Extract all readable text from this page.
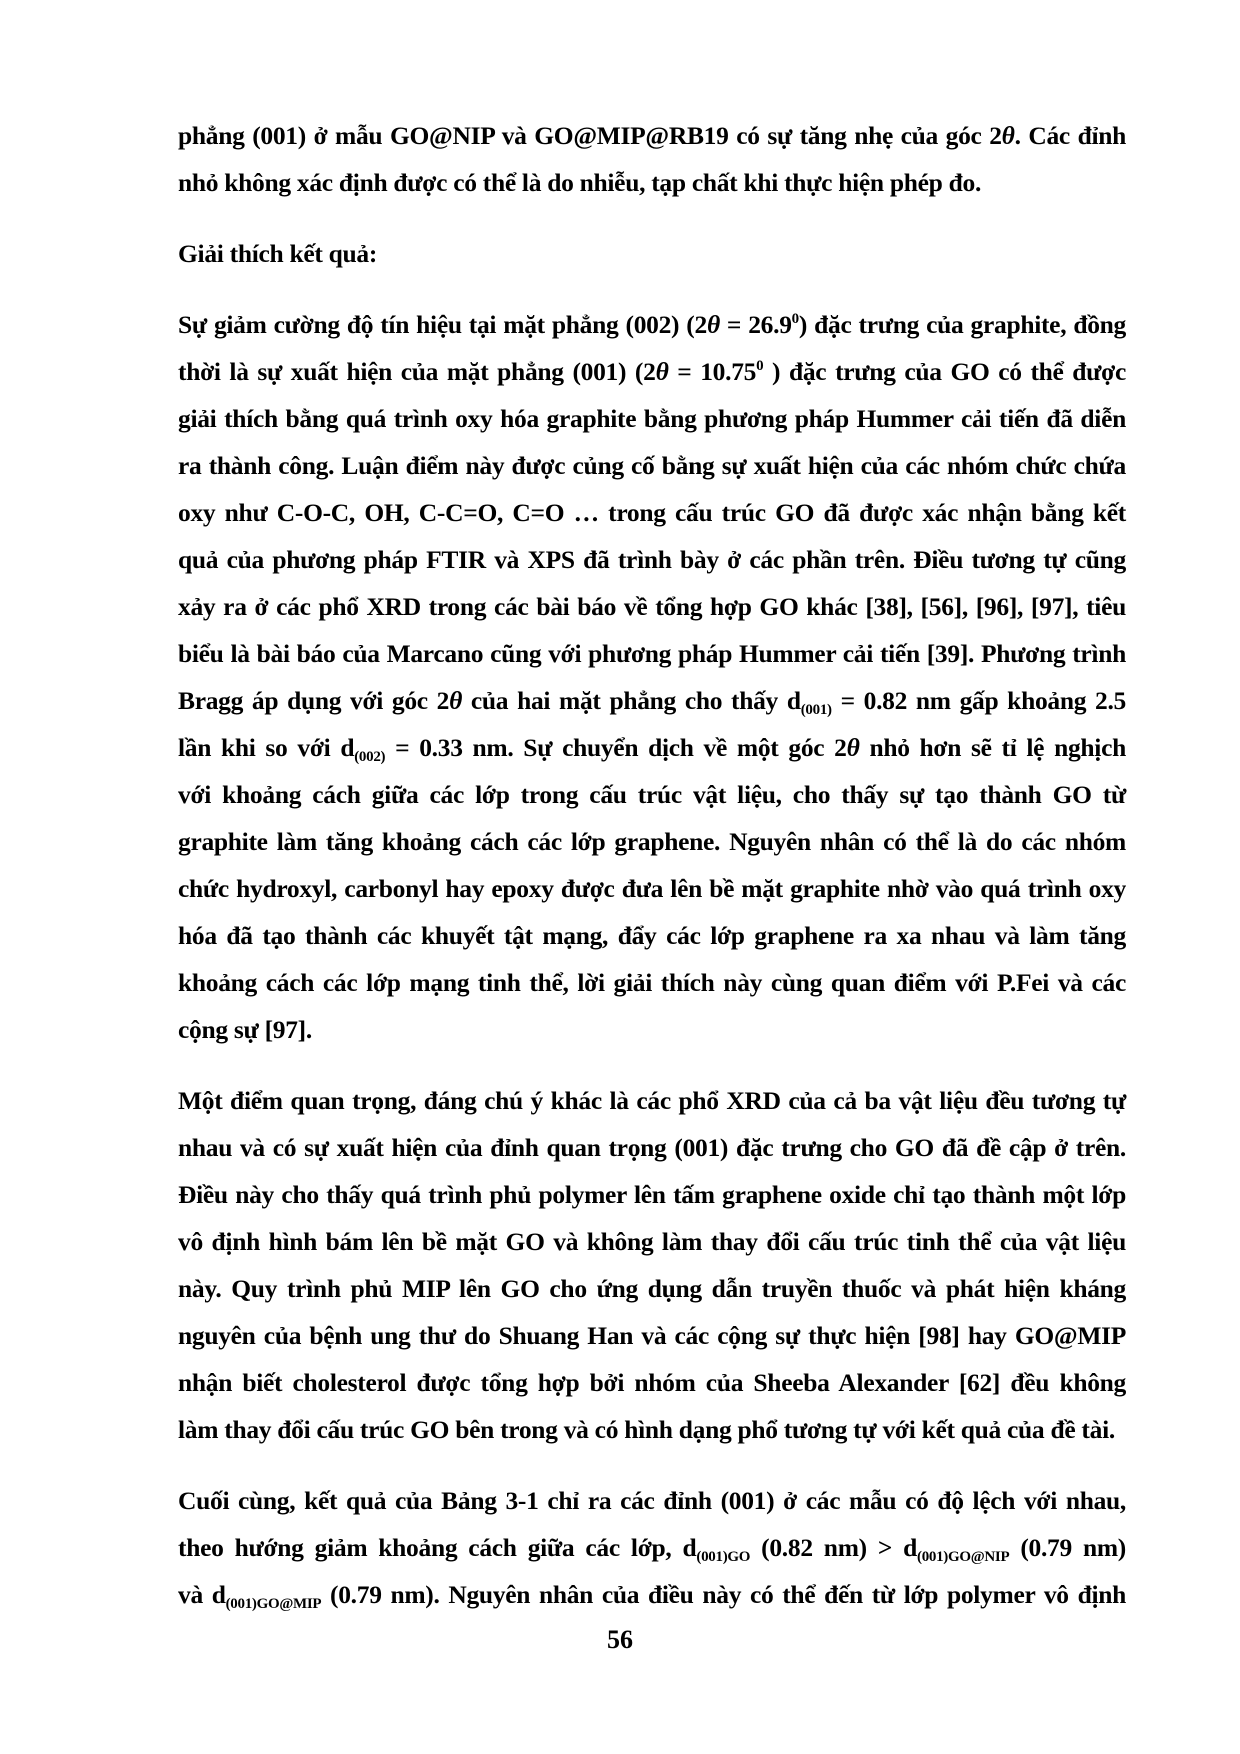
phẳng (001) ở mẫu GO@NIP và GO@MIP@RB19 có sự tăng nhẹ của góc 2θ. Các đỉnh
nhỏ không xác định được có thể là do nhiễu, tạp chất khi thực hiện phép đo.
Giải thích kết quả:
Sự giảm cường độ tín hiệu tại mặt phẳng (002) $(2\theta = 26.9^0)$ đặc trưng của graphite, đồng
thời là sự xuất hiện của mặt phẳng (001) ($2\theta = 10.75^0$ ) đặc trưng của GO có thể được
giải thích bằng quá trình oxy hóa graphite bằng phương pháp Hummer cải tiến đã diễn
ra thành công. Luận điểm này được củng cố bằng sự xuất hiện của các nhóm chức chứa
oxy như C-O-C, OH, C-C=O, C=O … trong cấu trúc GO đã được xác nhận bằng kết
quả của phương pháp FTIR và XPS đã trình bày ở các phần trên. Điều tương tự cũng
xảy ra ở các phổ XRD trong các bài báo về tổng hợp GO khác [38], [56], [96], [97], tiêu
biểu là bài báo của Marcano cũng với phương pháp Hummer cải tiến [39]. Phương trình
Bragg áp dụng với góc 2θ của hai mặt phẳng cho thấy $d_{(001)} = 0.82$ nm gấp khoảng 2.5
lần khi so với $d_{(002)} = 0.33$ nm. Sự chuyển dịch về một góc 2θ nhỏ hơn sẽ tỉ lệ nghịch
với khoảng cách giữa các lớp trong cấu trúc vật liệu, cho thấy sự tạo thành GO từ
graphite làm tăng khoảng cách các lớp graphene. Nguyên nhân có thể là do các nhóm
chức hydroxyl, carbonyl hay epoxy được đưa lên bề mặt graphite nhờ vào quá trình oxy
hóa đã tạo thành các khuyết tật mạng, đẩy các lớp graphene ra xa nhau và làm tăng
khoảng cách các lớp mạng tinh thể, lời giải thích này cùng quan điểm với P.Fei và các
cộng sự [97].
Một điểm quan trọng, đáng chú ý khác là các phổ XRD của cả ba vật liệu đều tương tự
nhau và có sự xuất hiện của đỉnh quan trọng (001) đặc trưng cho GO đã đề cập ở trên.
Điều này cho thấy quá trình phủ polymer lên tấm graphene oxide chỉ tạo thành một lớp
vô định hình bám lên bề mặt GO và không làm thay đổi cấu trúc tinh thể của vật liệu
này. Quy trình phủ MIP lên GO cho ứng dụng dẫn truyền thuốc và phát hiện kháng
nguyên của bệnh ung thư do Shuang Han và các cộng sự thực hiện [98] hay GO@MIP
nhận biết cholesterol được tổng hợp bởi nhóm của Sheeba Alexander [62] đều không
làm thay đổi cấu trúc GO bên trong và có hình dạng phổ tương tự với kết quả của đề tài.
Cuối cùng, kết quả của Bảng 3-1 chỉ ra các đỉnh (001) ở các mẫu có độ lệch với nhau,
theo hướng giảm khoảng cách giữa các lớp, $d_{(001)GO}$ (0.82 $nm) > d_{(001)GO@NIP}$ (0.79 nm)
và $d_{(001)GO@MIP}$ (0.79 nm). Nguyên nhân của điều này có thể đến từ lớp polymer vô định
56
